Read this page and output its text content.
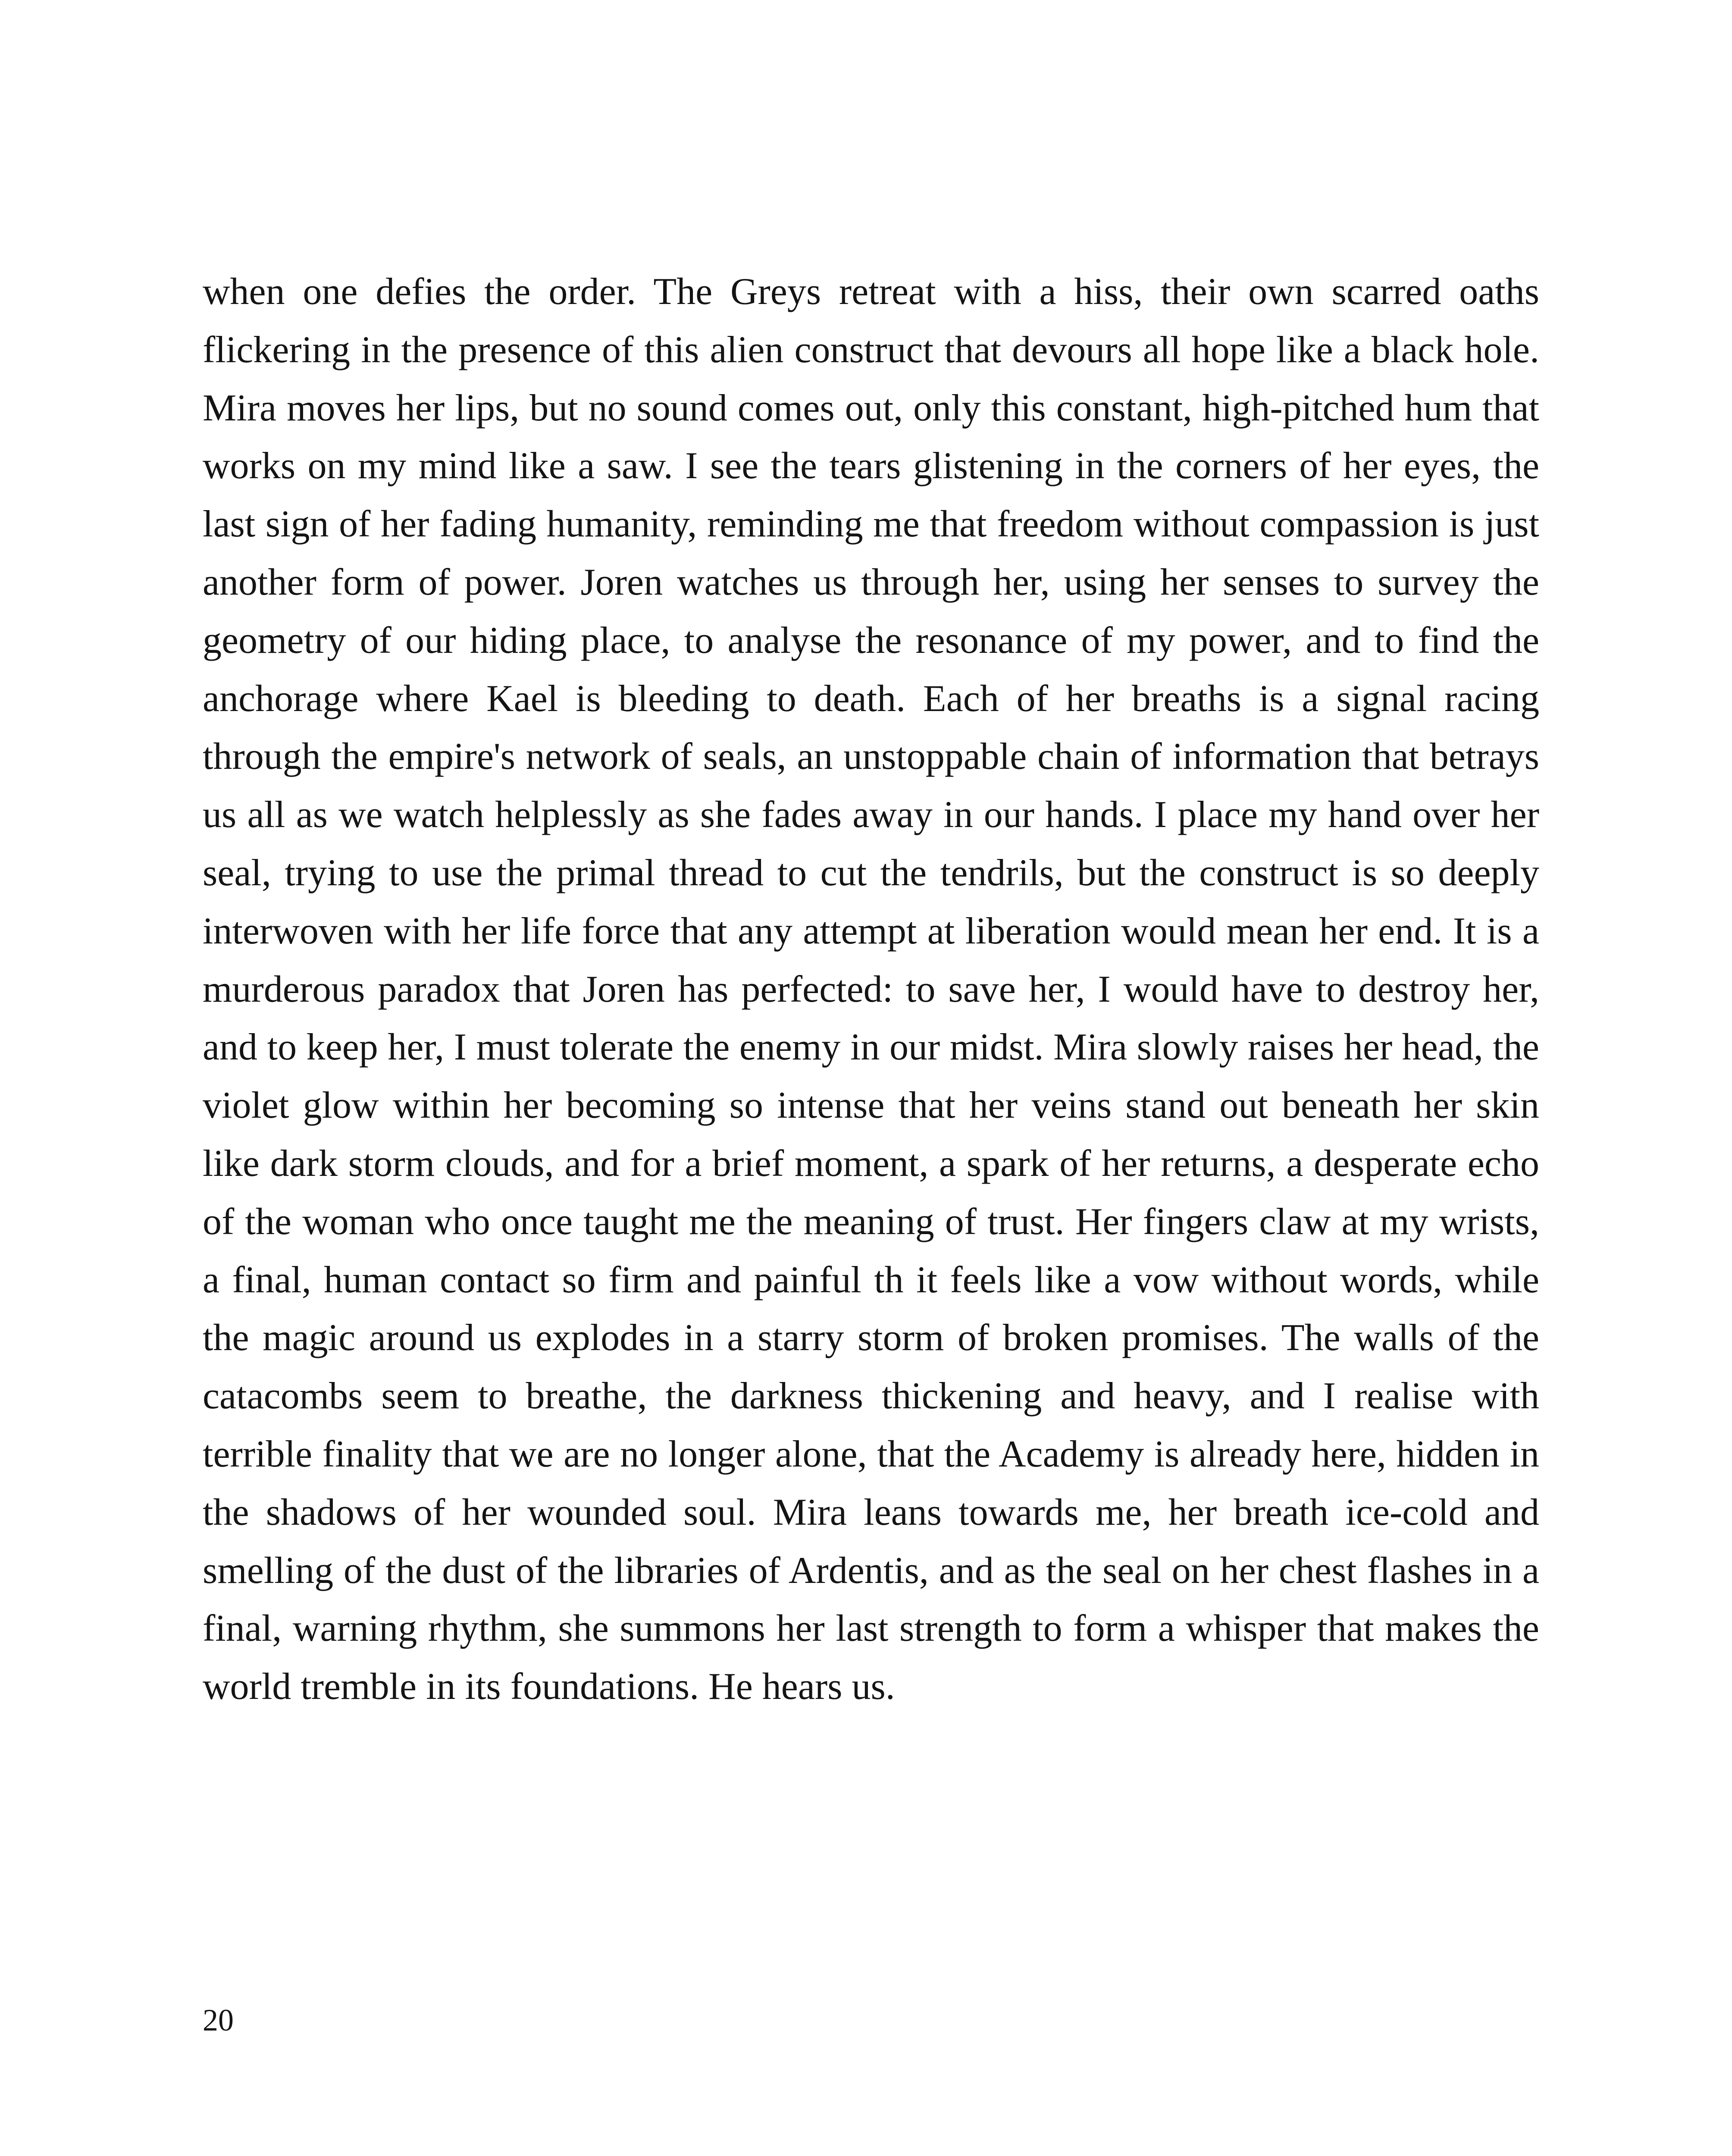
when one defies the order. The Greys retreat with a hiss, their own scarred oaths flickering in the presence of this alien construct that devours all hope like a black hole. Mira moves her lips, but no sound comes out, only this constant, high-pitched hum that works on my mind like a saw. I see the tears glistening in the corners of her eyes, the last sign of her fading humanity, reminding me that freedom without compassion is just another form of power. Joren watches us through her, using her senses to survey the geometry of our hiding place, to analyse the resonance of my power, and to find the anchorage where Kael is bleeding to death. Each of her breaths is a signal racing through the empire's network of seals, an unstoppable chain of information that betrays us all as we watch helplessly as she fades away in our hands. I place my hand over her seal, trying to use the primal thread to cut the tendrils, but the construct is so deeply interwoven with her life force that any attempt at liberation would mean her end. It is a murderous paradox that Joren has perfected: to save her, I would have to destroy her, and to keep her, I must tolerate the enemy in our midst. Mira slowly raises her head, the violet glow within her becoming so intense that her veins stand out beneath her skin like dark storm clouds, and for a brief moment, a spark of her returns, a desperate echo of the woman who once taught me the meaning of trust. Her fingers claw at my wrists, a final, human contact so firm and painful th it feels like a vow without words, while the magic around us explodes in a starry storm of broken promises. The walls of the catacombs seem to breathe, the darkness thickening and heavy, and I realise with terrible finality that we are no longer alone, that the Academy is already here, hidden in the shadows of her wounded soul. Mira leans towards me, her breath ice-cold and smelling of the dust of the libraries of Ardentis, and as the seal on her chest flashes in a final, warning rhythm, she summons her last strength to form a whisper that makes the world tremble in its foundations. He hears us.

20
